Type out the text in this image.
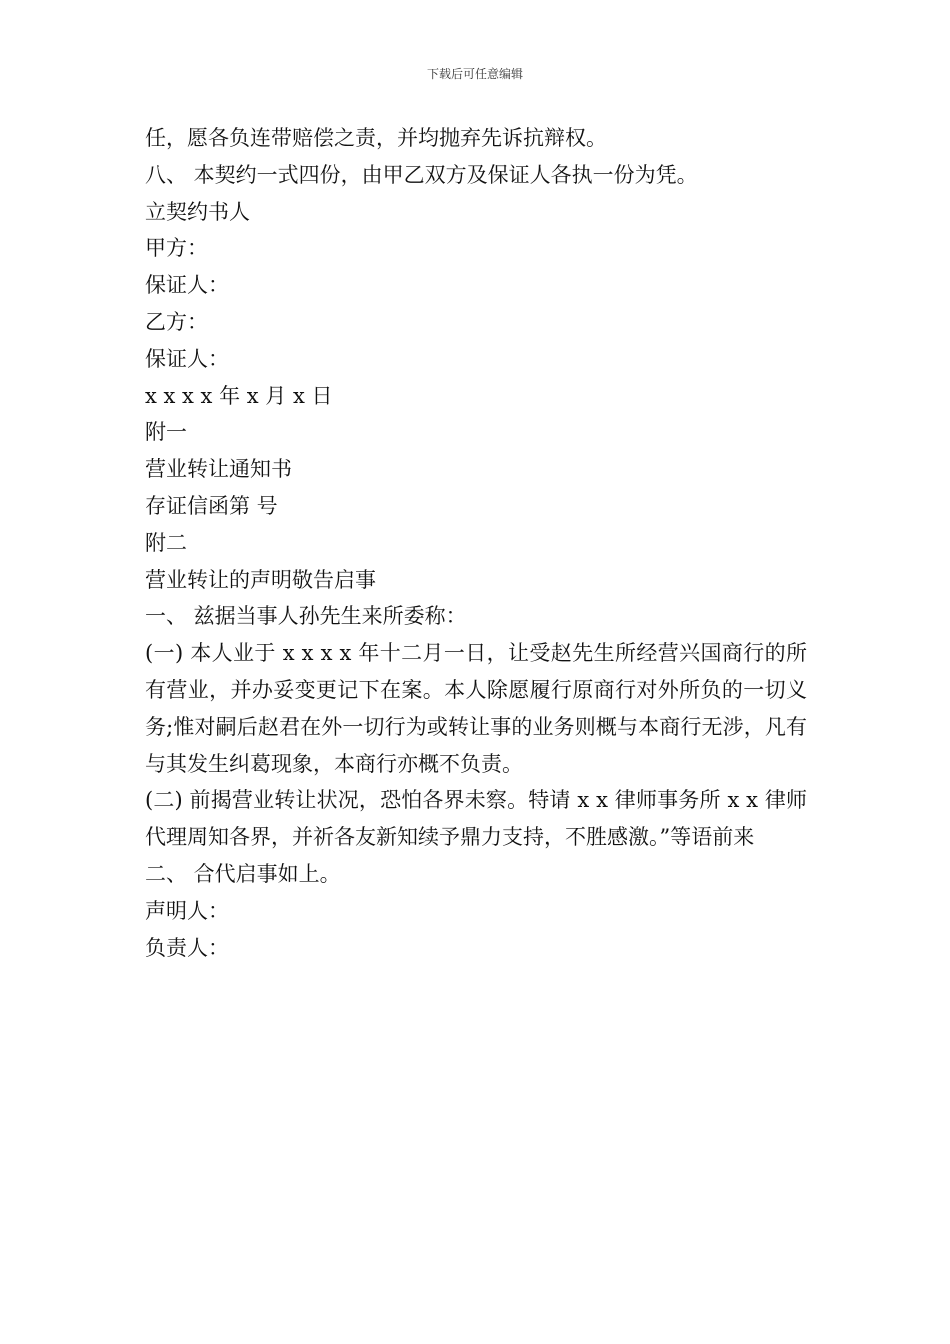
下载后可任意编辑
任，愿各负连带赔偿之责，并均抛弃先诉抗辩权。
八、 本契约一式四份，由甲乙双方及保证人各执一份为凭。
立契约书人
甲方：
保证人：
乙方：
保证人：
x x x x 年 x 月 x 日
附一
营业转让通知书
存证信函第 号
附二
营业转让的声明敬告启事
一、 兹据当事人孙先生来所委称：
(一) 本人业于 x x x x 年十二月一日，让受赵先生所经营兴国商行的所有营业，并办妥变更记下在案。本人除愿履行原商行对外所负的一切义务;惟对嗣后赵君在外一切行为或转让事的业务则概与本商行无涉，凡有与其发生纠葛现象，本商行亦概不负责。
(二) 前揭营业转让状况，恐怕各界未察。特请 x x 律师事务所 x x 律师代理周知各界，并祈各友新知续予鼎力支持，不胜感激。”等语前来
二、 合代启事如上。
声明人：
负责人：
